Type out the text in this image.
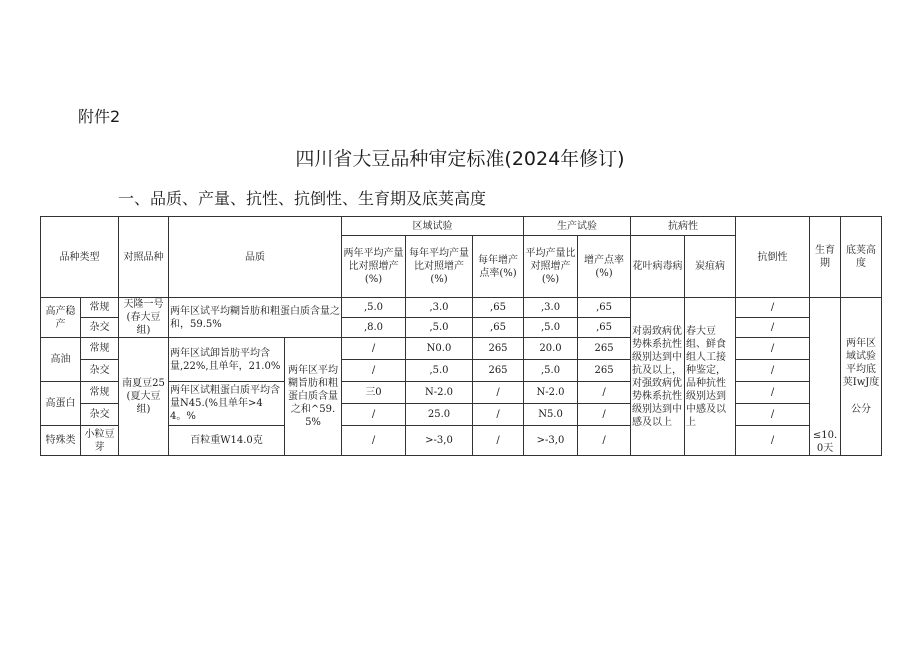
附件2
四川省大豆品种审定标准(2024年修订)
一、品质、产量、抗性、抗倒性、生育期及底荚高度
品种类型		对照品种	品质		区域试验			生产试验		抗病性		抗倒性	生育期	底荚高度
					两年平均产量比对照增产(%)	每年平均产量比对照增产(%)	每年增产点率(%)	平均产量比对照增产(%)	增产点率(%)	花叶病毒病	炭疽病			
高产稳产	常规	天隆一号(春大豆组)	两年区试平均糊旨肪和粗蛋白质含量之和，59.5%		,5.0	,3.0	,65	,3.0	,65	对弱致病优势株系抗性级别达到中抗及以上，对强致病优势株系抗性级别达到中感及以上	春大豆组、鲜食组人工接种鉴定，品种抗性级别达到中感及以上	/	≤10.0天	两年区域试验平均底荚IwJ度
公分

	杂交				,8.0	,5.0	,65	,5.0	,65			/		
高油	常规	南夏豆25(夏大豆组)	两年区试卸旨肪平均含量,22%,且单年，21.0%	两年区平均糊旨肪和粗蛋白质含量之和^59.5%	/	N0.0	265	20.0	265			/		
	杂交				/	,5.0	265	,5.0	265			/		
高蛋白	常规		两年区试粗蛋白质平均含量N45.(%且单年>44。%		三0	N-2.0	/	N-2.0	/			/		
	杂交				/	25.0	/	N5.0	/			/		
特殊类	小粒豆芽		百粒重W14.0克		/	>-3,0	/	>-3,0	/			/		
